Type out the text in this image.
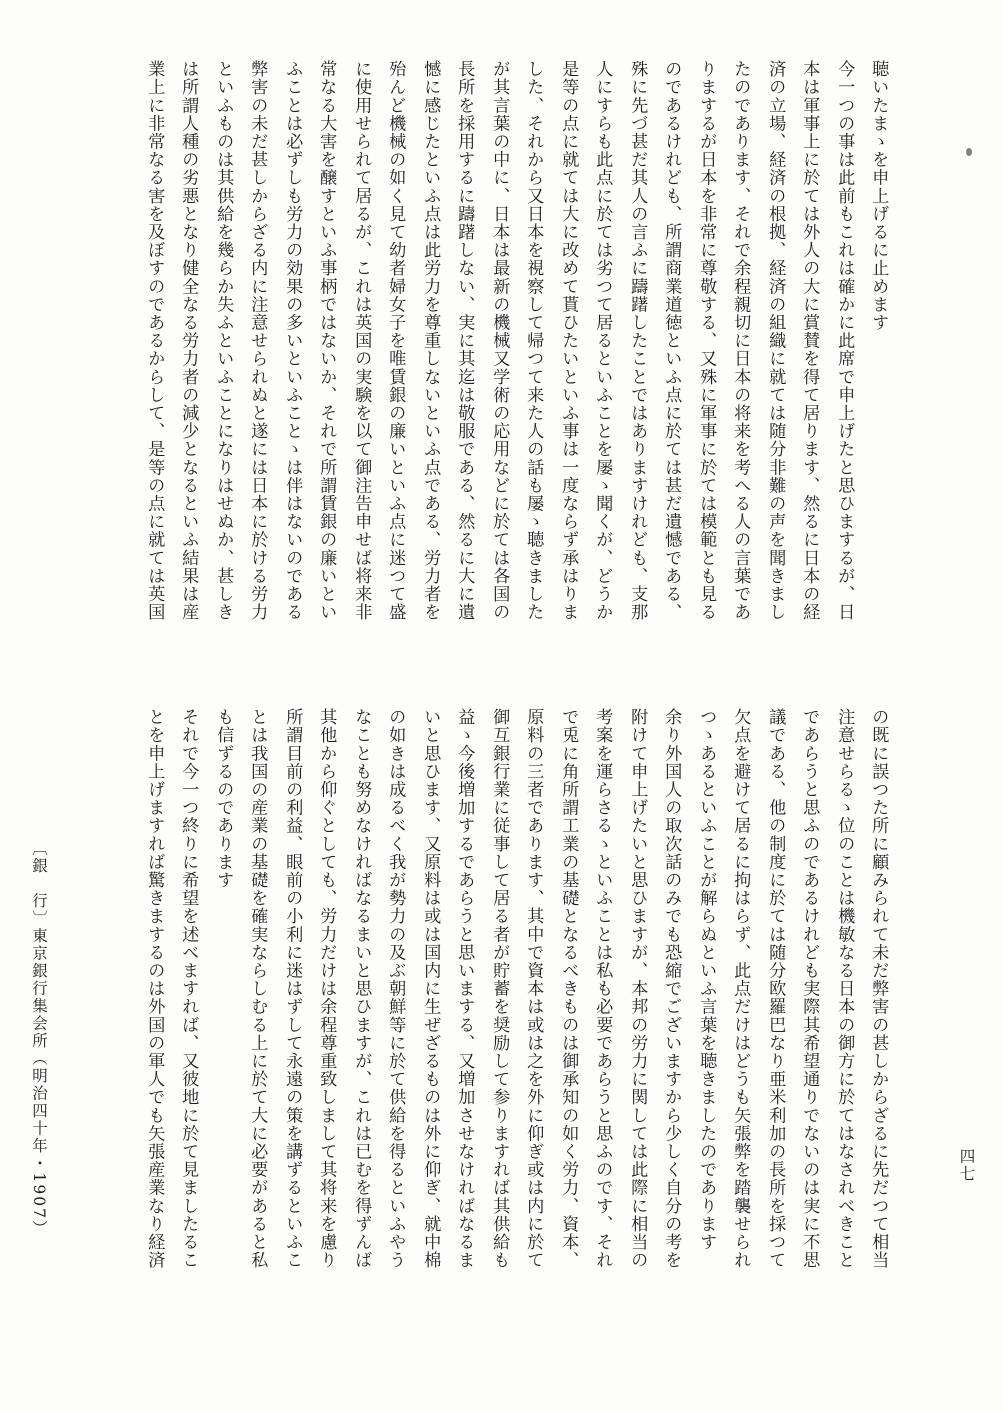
聴いたまゝを申上げるに止めます
今一つの事は此前もこれは確かに此席で申上げたと思ひまするが、日
本は軍事上に於ては外人の大に賞賛を得て居ります、然るに日本の経
済の立場、経済の根拠、経済の組織に就ては随分非難の声を聞きまし
たのであります、それで余程親切に日本の将来を考へる人の言葉であ
りまするが日本を非常に尊敬する、又殊に軍事に於ては模範とも見る
のであるけれども、所謂商業道徳といふ点に於ては甚だ遺憾である、
殊に先づ甚だ其人の言ふに躊躇したことではありますけれども、支那
人にすらも此点に於ては劣つて居るといふことを屡ゝ聞くが、どうか
是等の点に就ては大に改めて貰ひたいといふ事は一度ならず承はりま
した、それから又日本を視察して帰つて来た人の話も屡ゝ聴きました
が其言葉の中に、日本は最新の機械又学術の応用などに於ては各国の
長所を採用するに躊躇しない、実に其迄は敬服である、然るに大に遺
憾に感じたといふ点は此労力を尊重しないといふ点である、労力者を
殆んど機械の如く見て幼者婦女子を唯賃銀の廉いといふ点に迷つて盛
に使用せられて居るが、これは英国の実験を以て御注告申せば将来非
常なる大害を醸すといふ事柄ではないか、それで所謂賃銀の廉いとい
ふことは必ずしも労力の効果の多いといふことゝは伴はないのである
弊害の未だ甚しからざる内に注意せられぬと遂には日本に於ける労力
といふものは其供給を幾らか失ふといふことになりはせぬか、甚しき
は所謂人種の劣悪となり健全なる労力者の減少となるといふ結果は産
業上に非常なる害を及ぼすのであるからして、是等の点に就ては英国
の既に誤つた所に顧みられて未だ弊害の甚しからざるに先だつて相当
注意せらるゝ位のことは機敏なる日本の御方に於てはなされべきこと
であらうと思ふのであるけれども実際其希望通りでないのは実に不思
議である、他の制度に於ては随分欧羅巴なり亜米利加の長所を採つて
欠点を避けて居るに拘はらず、此点だけはどうも矢張弊を踏襲せられ
つゝあるといふことが解らぬといふ言葉を聴きましたのであります
余り外国人の取次話のみでも恐縮でございますから少しく自分の考を
附けて申上げたいと思ひますが、本邦の労力に関しては此際に相当の
考案を運らさるゝといふことは私も必要であらうと思ふのです、それ
で兎に角所謂工業の基礎となるべきものは御承知の如く労力、資本、
原料の三者であります、其中で資本は或は之を外に仰ぎ或は内に於て
御互銀行業に従事して居る者が貯蓄を奨励して参りますれば其供給も
益ゝ今後増加するであらうと思いまする、又増加させなければなるま
いと思ひます、又原料は或は国内に生ぜざるものは外に仰ぎ、就中棉
の如きは成るべく我が勢力の及ぶ朝鮮等に於て供給を得るといふやう
なことも努めなければなるまいと思ひますが、これは已むを得ずんば
其他から仰ぐとしても、労力だけは余程尊重致しまして其将来を慮り
所謂目前の利益、眼前の小利に迷はずして永遠の策を講ずるといふこ
とは我国の産業の基礎を確実ならしむる上に於て大に必要があると私
も信ずるのであります
それで今一つ終りに希望を述べますれば、又彼地に於て見ましたるこ
とを申上げますれば驚きまするのは外国の軍人でも矢張産業なり経済
〔銀　行〕東京銀行集会所（明治四十年・1907）	四七
